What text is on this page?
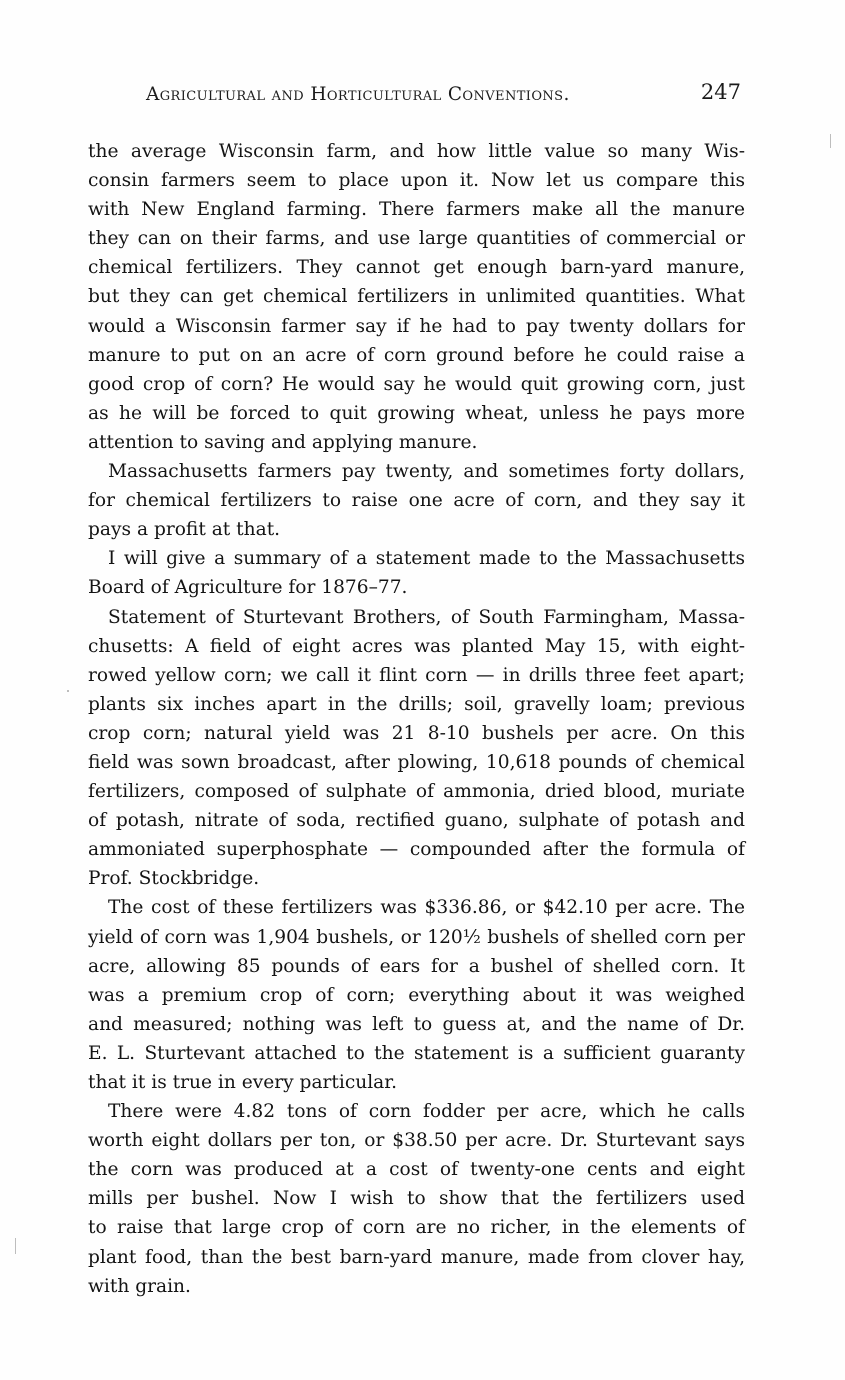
Agricultural and Horticultural Conventions.	247
the average Wisconsin farm, and how little value so many Wis-
consin farmers seem to place upon it. Now let us compare this
with New England farming. There farmers make all the manure
they can on their farms, and use large quantities of commercial or
chemical fertilizers. They cannot get enough barn-yard manure,
but they can get chemical fertilizers in unlimited quantities. What
would a Wisconsin farmer say if he had to pay twenty dollars for
manure to put on an acre of corn ground before he could raise a
good crop of corn? He would say he would quit growing corn, just
as he will be forced to quit growing wheat, unless he pays more
attention to saving and applying manure.
Massachusetts farmers pay twenty, and sometimes forty dollars,
for chemical fertilizers to raise one acre of corn, and they say it
pays a profit at that.
I will give a summary of a statement made to the Massachusetts
Board of Agriculture for 1876–77.
Statement of Sturtevant Brothers, of South Farmingham, Massa-
chusetts: A field of eight acres was planted May 15, with eight-
rowed yellow corn; we call it flint corn — in drills three feet apart;
plants six inches apart in the drills; soil, gravelly loam; previous
crop corn; natural yield was 21 8-10 bushels per acre. On this
field was sown broadcast, after plowing, 10,618 pounds of chemical
fertilizers, composed of sulphate of ammonia, dried blood, muriate
of potash, nitrate of soda, rectified guano, sulphate of potash and
ammoniated superphosphate — compounded after the formula of
Prof. Stockbridge.
The cost of these fertilizers was $336.86, or $42.10 per acre. The
yield of corn was 1,904 bushels, or 120½ bushels of shelled corn per
acre, allowing 85 pounds of ears for a bushel of shelled corn. It
was a premium crop of corn; everything about it was weighed
and measured; nothing was left to guess at, and the name of Dr.
E. L. Sturtevant attached to the statement is a sufficient guaranty
that it is true in every particular.
There were 4.82 tons of corn fodder per acre, which he calls
worth eight dollars per ton, or $38.50 per acre. Dr. Sturtevant says
the corn was produced at a cost of twenty-one cents and eight
mills per bushel. Now I wish to show that the fertilizers used
to raise that large crop of corn are no richer, in the elements of
plant food, than the best barn-yard manure, made from clover hay,
with grain.
